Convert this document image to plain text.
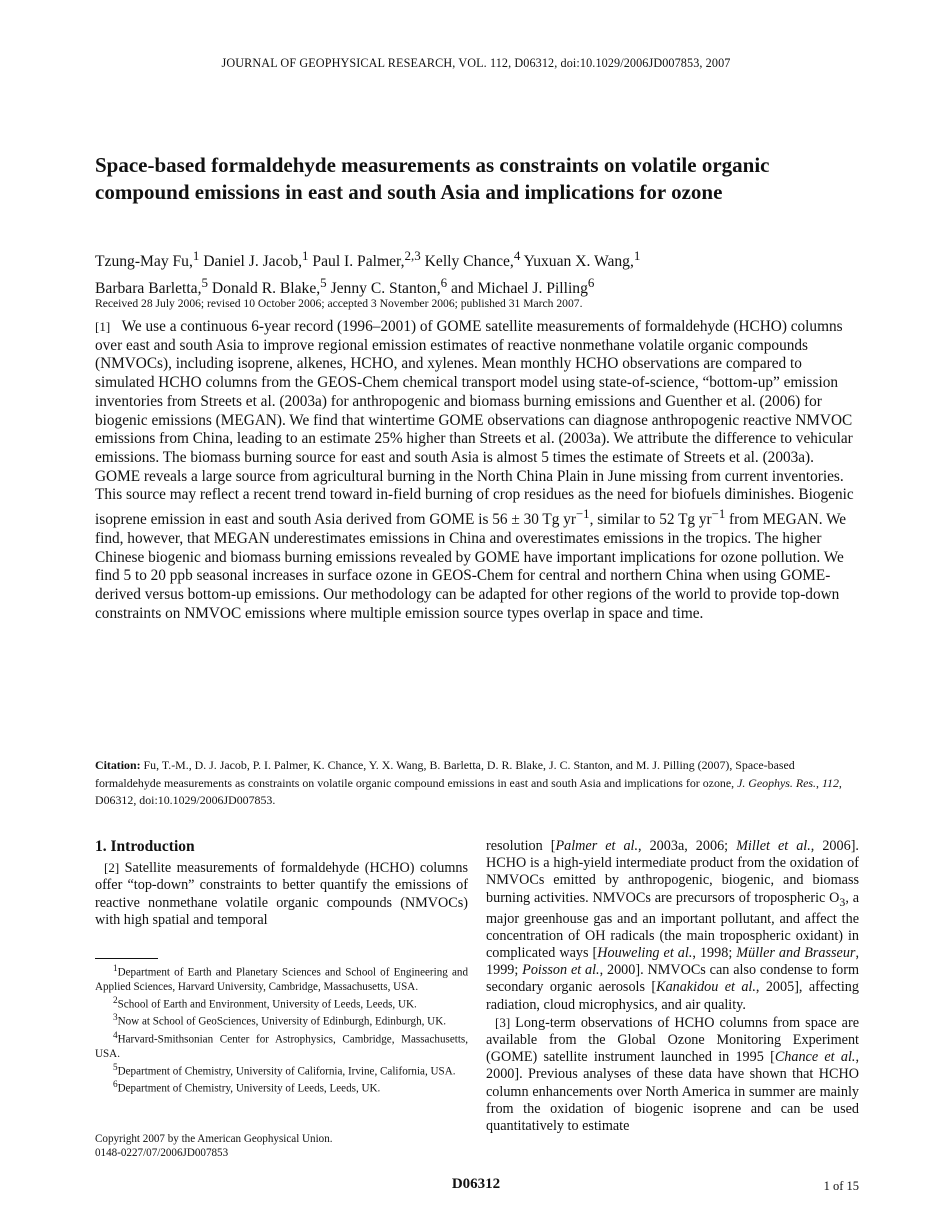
JOURNAL OF GEOPHYSICAL RESEARCH, VOL. 112, D06312, doi:10.1029/2006JD007853, 2007
Space-based formaldehyde measurements as constraints on volatile organic compound emissions in east and south Asia and implications for ozone
Tzung-May Fu,$^1$ Daniel J. Jacob,$^1$ Paul I. Palmer,$^{2,3}$ Kelly Chance,$^4$ Yuxuan X. Wang,$^1$
Barbara Barletta,$^5$ Donald R. Blake,$^5$ Jenny C. Stanton,$^6$ and Michael J. Pilling$^6$
Received 28 July 2006; revised 10 October 2006; accepted 3 November 2006; published 31 March 2007.
[1] We use a continuous 6-year record (1996–2001) of GOME satellite measurements of formaldehyde (HCHO) columns over east and south Asia to improve regional emission estimates of reactive nonmethane volatile organic compounds (NMVOCs), including isoprene, alkenes, HCHO, and xylenes. Mean monthly HCHO observations are compared to simulated HCHO columns from the GEOS-Chem chemical transport model using state-of-science, “bottom-up” emission inventories from Streets et al. (2003a) for anthropogenic and biomass burning emissions and Guenther et al. (2006) for biogenic emissions (MEGAN). We find that wintertime GOME observations can diagnose anthropogenic reactive NMVOC emissions from China, leading to an estimate 25% higher than Streets et al. (2003a). We attribute the difference to vehicular emissions. The biomass burning source for east and south Asia is almost 5 times the estimate of Streets et al. (2003a). GOME reveals a large source from agricultural burning in the North China Plain in June missing from current inventories. This source may reflect a recent trend toward in-field burning of crop residues as the need for biofuels diminishes. Biogenic isoprene emission in east and south Asia derived from GOME is 56 ± 30 Tg $yr^{-1}$, similar to 52 Tg $yr^{-1}$ from MEGAN. We find, however, that MEGAN underestimates emissions in China and overestimates emissions in the tropics. The higher Chinese biogenic and biomass burning emissions revealed by GOME have important implications for ozone pollution. We find 5 to 20 ppb seasonal increases in surface ozone in GEOS-Chem for central and northern China when using GOME-derived versus bottom-up emissions. Our methodology can be adapted for other regions of the world to provide top-down constraints on NMVOC emissions where multiple emission source types overlap in space and time.
Citation: Fu, T.-M., D. J. Jacob, P. I. Palmer, K. Chance, Y. X. Wang, B. Barletta, D. R. Blake, J. C. Stanton, and M. J. Pilling (2007), Space-based formaldehyde measurements as constraints on volatile organic compound emissions in east and south Asia and implications for ozone, J. Geophys. Res., 112, D06312, doi:10.1029/2006JD007853.
1. Introduction

[2] Satellite measurements of formaldehyde (HCHO) columns offer “top-down” constraints to better quantify the emissions of reactive nonmethane volatile organic compounds (NMVOCs) with high spatial and temporal

$^1$Department of Earth and Planetary Sciences and School of Engineering and Applied Sciences, Harvard University, Cambridge, Massachusetts, USA.
$^2$School of Earth and Environment, University of Leeds, Leeds, UK.
$^3$Now at School of GeoSciences, University of Edinburgh, Edinburgh, UK.
$^4$Harvard-Smithsonian Center for Astrophysics, Cambridge, Massachusetts, USA.
$^5$Department of Chemistry, University of California, Irvine, California, USA.
$^6$Department of Chemistry, University of Leeds, Leeds, UK.
Copyright 2007 by the American Geophysical Union.
0148-0227/07/2006JD007853

resolution [Palmer et al., 2003a, 2006; Millet et al., 2006]. HCHO is a high-yield intermediate product from the oxidation of NMVOCs emitted by anthropogenic, biogenic, and biomass burning activities. NMVOCs are precursors of tropospheric $O_3$, a major greenhouse gas and an important pollutant, and affect the concentration of OH radicals (the main tropospheric oxidant) in complicated ways [Houweling et al., 1998; Müller and Brasseur, 1999; Poisson et al., 2000]. NMVOCs can also condense to form secondary organic aerosols [Kanakidou et al., 2005], affecting radiation, cloud microphysics, and air quality.

[3] Long-term observations of HCHO columns from space are available from the Global Ozone Monitoring Experiment (GOME) satellite instrument launched in 1995 [Chance et al., 2000]. Previous analyses of these data have shown that HCHO column enhancements over North America in summer are mainly from the oxidation of biogenic isoprene and can be used quantitatively to estimate

D06312	1 of 15
